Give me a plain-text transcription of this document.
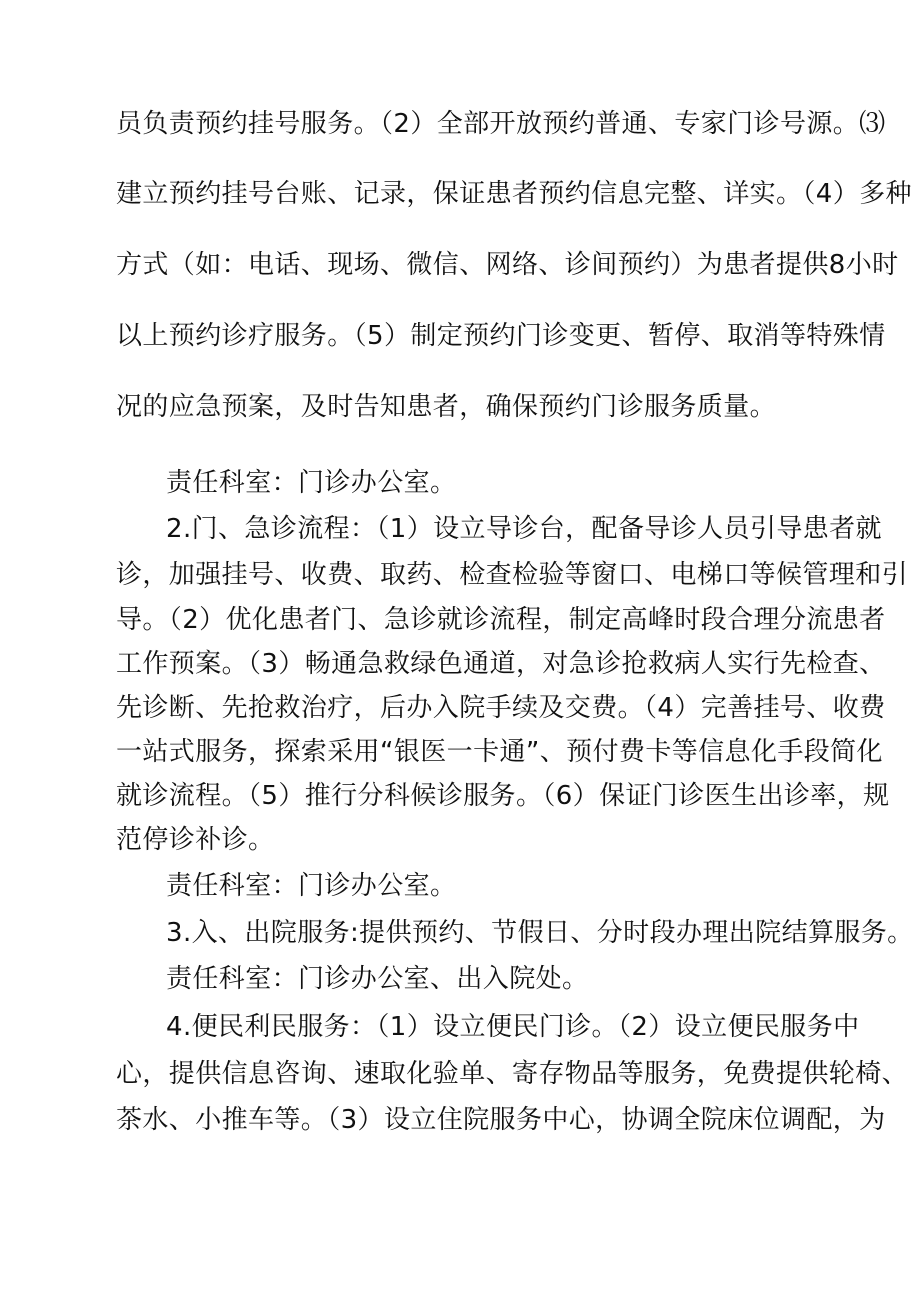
员负责预约挂号服务。（2）全部开放预约普通、专家门诊号源。⑶
建立预约挂号台账、记录，保证患者预约信息完整、详实。（4）多种
方式（如：电话、现场、微信、网络、诊间预约）为患者提供8小时
以上预约诊疗服务。（5）制定预约门诊变更、暂停、取消等特殊情
况的应急预案，及时告知患者，确保预约门诊服务质量。
责任科室：门诊办公室。
2.门、急诊流程：（1）设立导诊台，配备导诊人员引导患者就
诊，加强挂号、收费、取药、检查检验等窗口、电梯口等候管理和引
导。（2）优化患者门、急诊就诊流程，制定高峰时段合理分流患者
工作预案。（3）畅通急救绿色通道，对急诊抢救病人实行先检查、
先诊断、先抢救治疗，后办入院手续及交费。（4）完善挂号、收费
一站式服务，探索采用“银医一卡通”、预付费卡等信息化手段简化
就诊流程。（5）推行分科候诊服务。（6）保证门诊医生出诊率，规
范停诊补诊。
责任科室：门诊办公室。
3.入、出院服务:提供预约、节假日、分时段办理出院结算服务。
责任科室：门诊办公室、出入院处。
4.便民利民服务：（1）设立便民门诊。（2）设立便民服务中
心，提供信息咨询、速取化验单、寄存物品等服务，免费提供轮椅、
茶水、小推车等。（3）设立住院服务中心，协调全院床位调配，为
